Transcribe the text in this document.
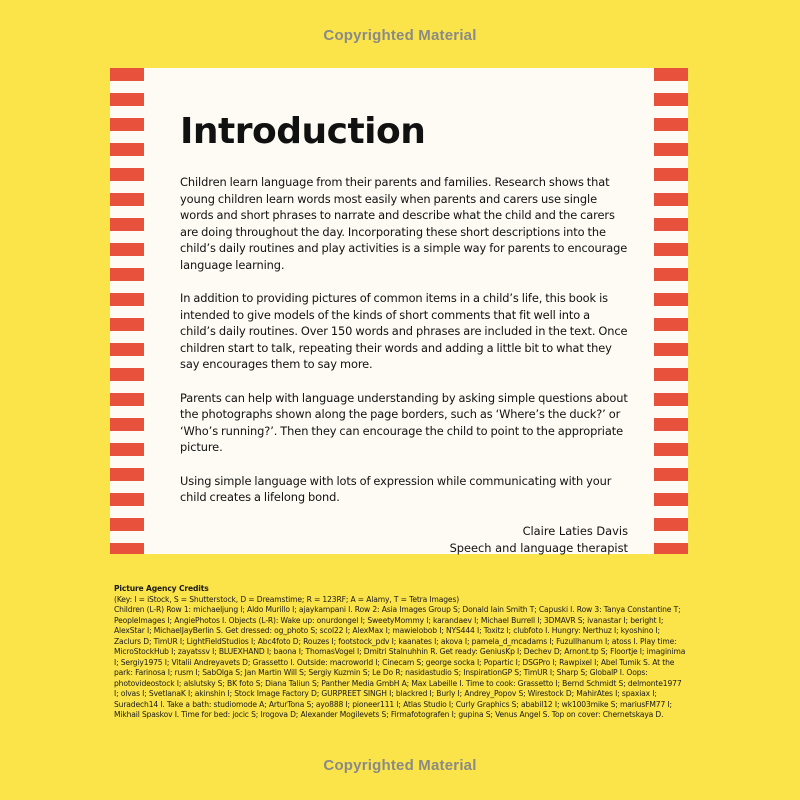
Copyrighted Material
Introduction

Children learn language from their parents and families. Research shows that young children learn words most easily when parents and carers use single words and short phrases to narrate and describe what the child and the carers are doing throughout the day. Incorporating these short descriptions into the child’s daily routines and play activities is a simple way for parents to encourage language learning.

In addition to providing pictures of common items in a child’s life, this book is intended to give models of the kinds of short comments that fit well into a child’s daily routines. Over 150 words and phrases are included in the text. Once children start to talk, repeating their words and adding a little bit to what they say encourages them to say more.

Parents can help with language understanding by asking simple questions about the photographs shown along the page borders, such as ‘Where’s the duck?’ or ‘Who’s running?’. Then they can encourage the child to point to the appropriate picture.

Using simple language with lots of expression while communicating with your child creates a lifelong bond.

Claire Laties Davis
Speech and language therapist
Picture Agency Credits
(Key: I = iStock, S = Shutterstock, D = Dreamstime; R = 123RF; A = Alamy, T = Tetra Images)
Children (L-R) Row 1: michaeljung I; Aldo Murillo I; ajaykampani I. Row 2: Asia Images Group S; Donald Iain Smith T; Capuski I. Row 3: Tanya Constantine T; PeopleImages I; AngiePhotos I. Objects (L-R): Wake up: onurdongel I; SweetyMommy I; karandaev I; Michael Burrell I; 3DMAVR S; ivanastar I; beright I; AlexStar I; MichaelJayBerlin S. Get dressed: og_photo S; scol22 I; AlexMax I; mawielobob I; NYS444 I; Toxitz I; clubfoto I. Hungry: Nerthuz I; kyoshino I; Zaclurs D; TimUR I; LightFieldStudios I; Abc4foto D; Rouzes I; footstock_pdv I; kaanates I; akova I; pamela_d_mcadams I; Fuzullhanum I; atoss I. Play time: MicroStockHub I; zayatssv I; BLUEXHAND I; baona I; ThomasVogel I; Dmitri Stalnuhhin R. Get ready: GeniusKp I; Dechev D; Arnont.tp S; Floortje I; imaginima I; Sergiy1975 I; Vitalii Andreyavets D; Grassetto I. Outside: macroworld I; Cinecam S; george socka I; Popartic I; DSGPro I; Rawpixel I; Abel Tumik S. At the park: Farinosa I; rusm I; SabOlga S; Jan Martin Will S; Sergiy Kuzmin S; Le Do R; nasidastudio S; InspirationGP S; TimUR I; Sharp S; GlobalP I. Oops: photovideostock I; alslutsky S; BK foto S; Diana Taliun S; Panther Media GmbH A; Max Labeille I. Time to cook: Grassetto I; Bernd Schmidt S; delmonte1977 I; olvas I; SvetlanaK I; akinshin I; Stock Image Factory D; GURPREET SINGH I; blackred I; Burly I; Andrey_Popov S; Wirestock D; MahirAtes I; spaxiax I; Suradech14 I. Take a bath: studiomode A; ArturTona S; ayo888 I; pioneer111 I; Atlas Studio I; Curly Graphics S; ababil12 I; wk1003mike S; mariusFM77 I; Mikhail Spaskov I. Time for bed: jocic S; Irogova D; Alexander Mogilevets S; Firmafotografen I; gupina S; Venus Angel S. Top on cover: Chernetskaya D.
Copyrighted Material
